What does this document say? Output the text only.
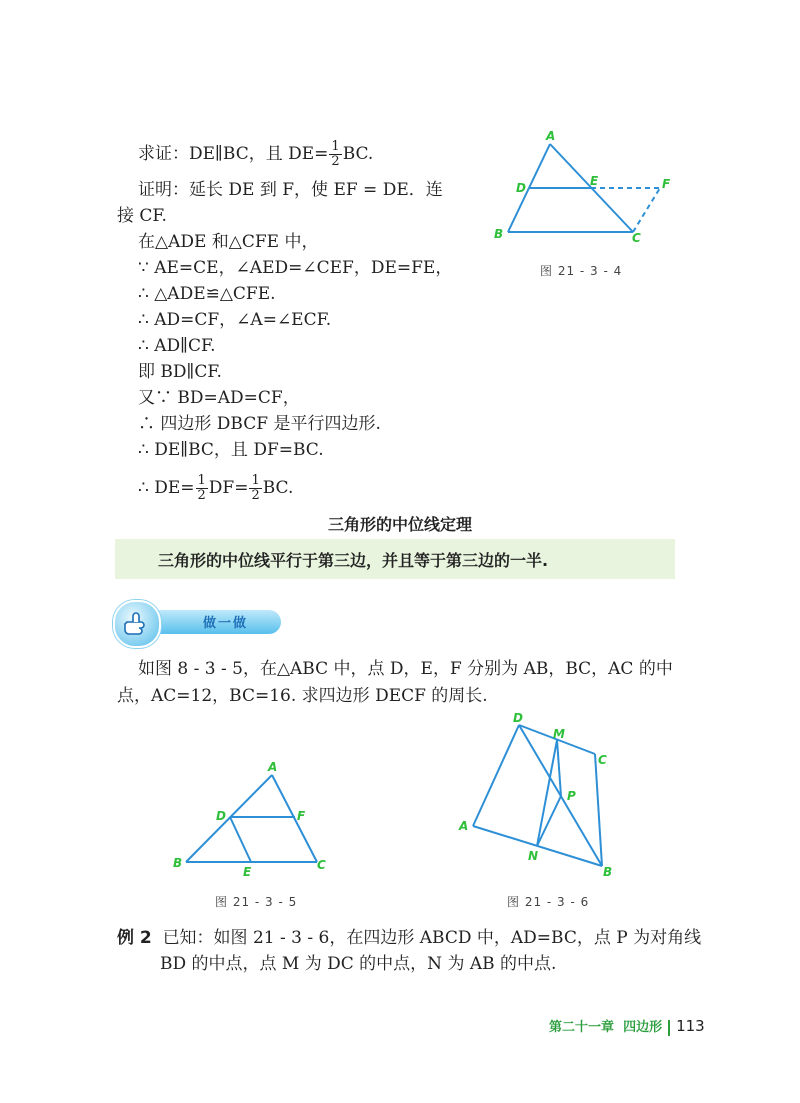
求证：DE∥BC，且 $DE= \frac{1}{2}$ BC.
证明：延长 DE 到 F，使 EF = DE．连
接 CF.
在△ADE 和△CFE 中，
∵ AE=CE，∠AED=∠CEF，DE=FE，
∴ △ADE≌△CFE.
∴ AD=CF，∠A=∠ECF.
∴ AD∥CF.
即 BD∥CF.
又∵ BD=AD=CF，
∴ 四边形 DBCF 是平行四边形.
∴ DE∥BC，且 DF=BC.
∴ $DE= \frac{1}{2} DF= \frac{1}{2}$ BC.
A
D	E	F
B	C
图 21 - 3 - 4
三角形的中位线定理
三角形的中位线平行于第三边，并且等于第三边的一半.
做一做
如图 8 - 3 - 5，在△ABC 中，点 D，E，F 分别为 AB，BC，AC 的中
点，AC=12，BC=16. 求四边形 DECF 的周长.
A
D	F
B
E	C
图 21 - 3 - 5
D
M
C
P
A
N
B
图 21 - 3 - 6
例 2 已知：如图 21 - 3 - 6，在四边形 ABCD 中，AD=BC，点 P 为对角线
BD 的中点，点 M 为 DC 的中点，N 为 AB 的中点.
第二十一章 四边形 113
